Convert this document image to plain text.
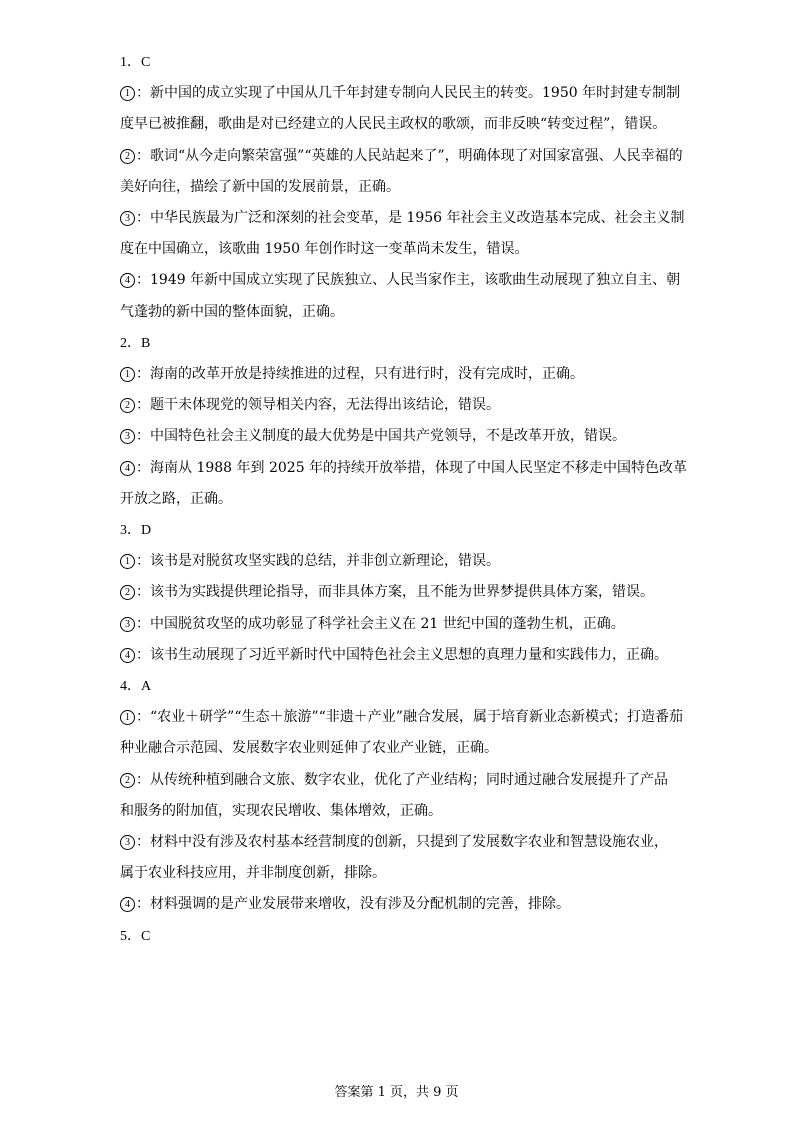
1．C
1 ：新中国的成立实现了中国从几千年封建专制向人民民主的转变。1950 年时封建专制制
度早已被推翻，歌曲是对已经建立的人民民主政权的歌颂，而非反映“转变过程”，错误。
2 ：歌词“从今走向繁荣富强”“英雄的人民站起来了”，明确体现了对国家富强、人民幸福的
美好向往，描绘了新中国的发展前景，正确。
3 ：中华民族最为广泛和深刻的社会变革，是 1956 年社会主义改造基本完成、社会主义制
度在中国确立，该歌曲 1950 年创作时这一变革尚未发生，错误。
4 ：1949 年新中国成立实现了民族独立、人民当家作主，该歌曲生动展现了独立自主、朝
气蓬勃的新中国的整体面貌，正确。
2．B
1 ：海南的改革开放是持续推进的过程，只有进行时，没有完成时，正确。
2 ：题干未体现党的领导相关内容，无法得出该结论，错误。
3 ：中国特色社会主义制度的最大优势是中国共产党领导，不是改革开放，错误。
4 ：海南从 1988 年到 2025 年的持续开放举措，体现了中国人民坚定不移走中国特色改革
开放之路，正确。
3．D
1 ：该书是对脱贫攻坚实践的总结，并非创立新理论，错误。
2 ：该书为实践提供理论指导，而非具体方案，且不能为世界梦提供具体方案，错误。
3 ：中国脱贫攻坚的成功彰显了科学社会主义在 21 世纪中国的蓬勃生机，正确。
4 ：该书生动展现了习近平新时代中国特色社会主义思想的真理力量和实践伟力，正确。
4．A
1 ：“农业＋研学”“生态＋旅游”“非遗＋产业”融合发展，属于培育新业态新模式；打造番茄
种业融合示范园、发展数字农业则延伸了农业产业链，正确。
2 ：从传统种植到融合文旅、数字农业，优化了产业结构；同时通过融合发展提升了产品
和服务的附加值，实现农民增收、集体增效，正确。
3 ：材料中没有涉及农村基本经营制度的创新，只提到了发展数字农业和智慧设施农业，
属于农业科技应用，并非制度创新，排除。
4 ：材料强调的是产业发展带来增收，没有涉及分配机制的完善，排除。
5．C
答案第 1 页，共 9 页
